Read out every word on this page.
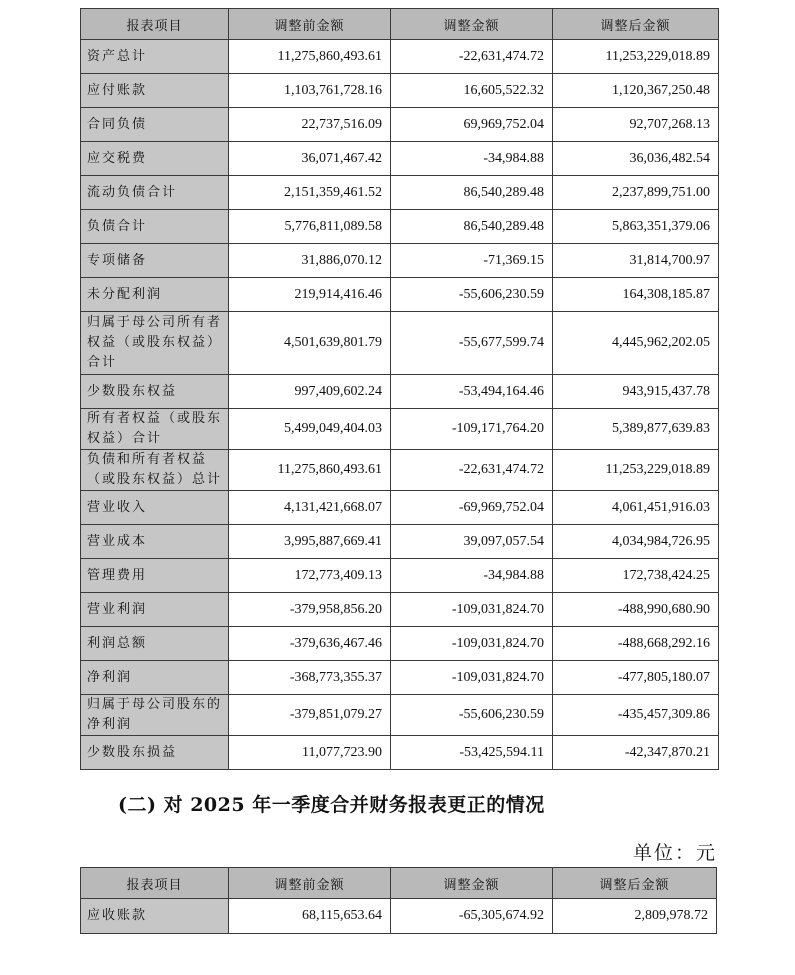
报表项目	调整前金额	调整金额	调整后金额
资产总计	11,275,860,493.61	-22,631,474.72	11,253,229,018.89
应付账款	1,103,761,728.16	16,605,522.32	1,120,367,250.48
合同负债	22,737,516.09	69,969,752.04	92,707,268.13
应交税费	36,071,467.42	-34,984.88	36,036,482.54
流动负债合计	2,151,359,461.52	86,540,289.48	2,237,899,751.00
负债合计	5,776,811,089.58	86,540,289.48	5,863,351,379.06
专项储备	31,886,070.12	-71,369.15	31,814,700.97
未分配利润	219,914,416.46	-55,606,230.59	164,308,185.87
归属于母公司所有者权益（或股东权益）合计	4,501,639,801.79	-55,677,599.74	4,445,962,202.05
少数股东权益	997,409,602.24	-53,494,164.46	943,915,437.78
所有者权益（或股东权益）合计	5,499,049,404.03	-109,171,764.20	5,389,877,639.83
负债和所有者权益（或股东权益）总计	11,275,860,493.61	-22,631,474.72	11,253,229,018.89
营业收入	4,131,421,668.07	-69,969,752.04	4,061,451,916.03
营业成本	3,995,887,669.41	39,097,057.54	4,034,984,726.95
管理费用	172,773,409.13	-34,984.88	172,738,424.25
营业利润	-379,958,856.20	-109,031,824.70	-488,990,680.90
利润总额	-379,636,467.46	-109,031,824.70	-488,668,292.16
净利润	-368,773,355.37	-109,031,824.70	-477,805,180.07
归属于母公司股东的净利润	-379,851,079.27	-55,606,230.59	-435,457,309.86
少数股东损益	11,077,723.90	-53,425,594.11	-42,347,870.21
(二) 对 2025 年一季度合并财务报表更正的情况
单位：元
报表项目	调整前金额	调整金额	调整后金额
应收账款	68,115,653.64	-65,305,674.92	2,809,978.72
